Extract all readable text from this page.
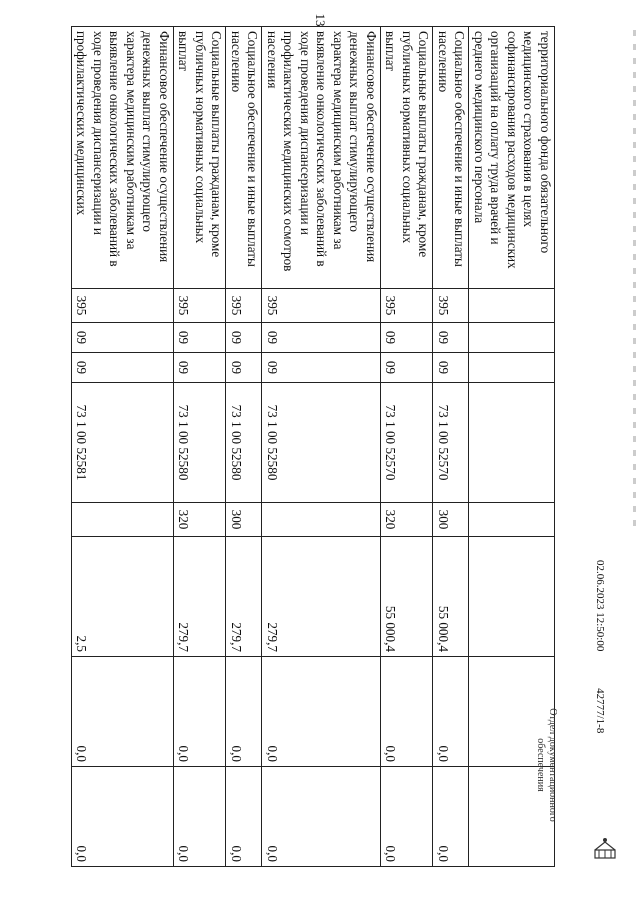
13
территориального фонда обязательного медицинского страхования в целях софинансирования расходов медицинских организаций на оплату труда врачей и среднего медицинского персонала								
Социальное обеспечение и иные выплаты населению	395	09	09	73 1 00 52570	300	55 000,4	0,0	0,0
Социальные выплаты гражданам, кроме публичных нормативных социальных выплат	395	09	09	73 1 00 52570	320	55 000,4	0,0	0,0
Финансовое обеспечение осуществления денежных выплат стимулирующего характера медицинским работникам за выявление онкологических заболеваний в ходе проведения диспансеризации и профилактических медицинских осмотров населения	395	09	09	73 1 00 52580		279,7	0,0	0,0
Социальное обеспечение и иные выплаты населению	395	09	09	73 1 00 52580	300	279,7	0,0	0,0
Социальные выплаты гражданам, кроме публичных нормативных социальных выплат	395	09	09	73 1 00 52580	320	279,7	0,0	0,0
Финансовое обеспечение осуществления денежных выплат стимулирующего характера медицинским работникам за выявление онкологических заболеваний в ходе проведения диспансеризации и профилактических медицинских	395	09	09	73 1 00 52581		2,5	0,0	0,0
02.06.2023 12:50:00 42777/1-8
Отдел документационного
обеспечения
